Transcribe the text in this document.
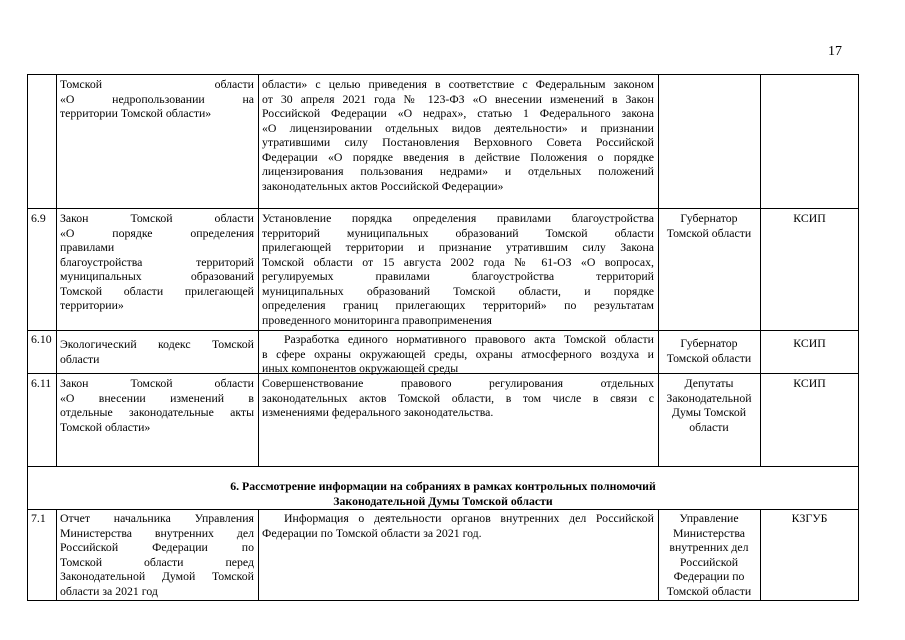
17
Томской области
«О недропользовании на
территории Томской области»
области» с целью приведения в соответствие с Федеральным законом
от 30 апреля 2021 года № 123-ФЗ «О внесении изменений в Закон
Российской Федерации «О недрах», статью 1 Федерального закона
«О лицензировании отдельных видов деятельности» и признании
утратившими силу Постановления Верховного Совета Российской
Федерации «О порядке введения в действие Положения о порядке
лицензирования пользования недрами» и отдельных положений
законодательных актов Российской Федерации»
6.9	Закон Томской области
«О порядке определения
правилами
благоустройства территорий
муниципальных образований
Томской области прилегающей
территории»
Установление порядка определения правилами благоустройства
территорий муниципальных образований Томской области
прилегающей территории и признание утратившим силу Закона
Томской области от 15 августа 2002 года № 61-ОЗ «О вопросах,
регулируемых правилами благоустройства территорий
муниципальных образований Томской области, и порядке
определения границ прилегающих территорий» по результатам
проведенного мониторинга правоприменения
Губернатор
Томской области
КСИП
6.10 Экологический кодекс Томской
области
Разработка единого нормативного правового акта Томской области
в сфере охраны окружающей среды, охраны атмосферного воздуха и
иных компонентов окружающей среды
Губернатор
Томской области
КСИП
6.11 Закон Томской области
«О внесении изменений в
отдельные законодательные акты
Томской области»
Совершенствование правового регулирования отдельных
законодательных актов Томской области, в том числе в связи с
изменениями федерального законодательства.
Депутаты
Законодательной
Думы Томской
области
КСИП
6. Рассмотрение информации на собраниях в рамках контрольных полномочий
Законодательной Думы Томской области
7.1	Отчет начальника Управления
Министерства внутренних дел
Российской Федерации по
Томской области перед
Законодательной Думой Томской
области за 2021 год
Информация о деятельности органов внутренних дел Российской
Федерации по Томской области за 2021 год.
Управление
Министерства
внутренних дел
Российской
Федерации по
Томской области
КЗГУБ
